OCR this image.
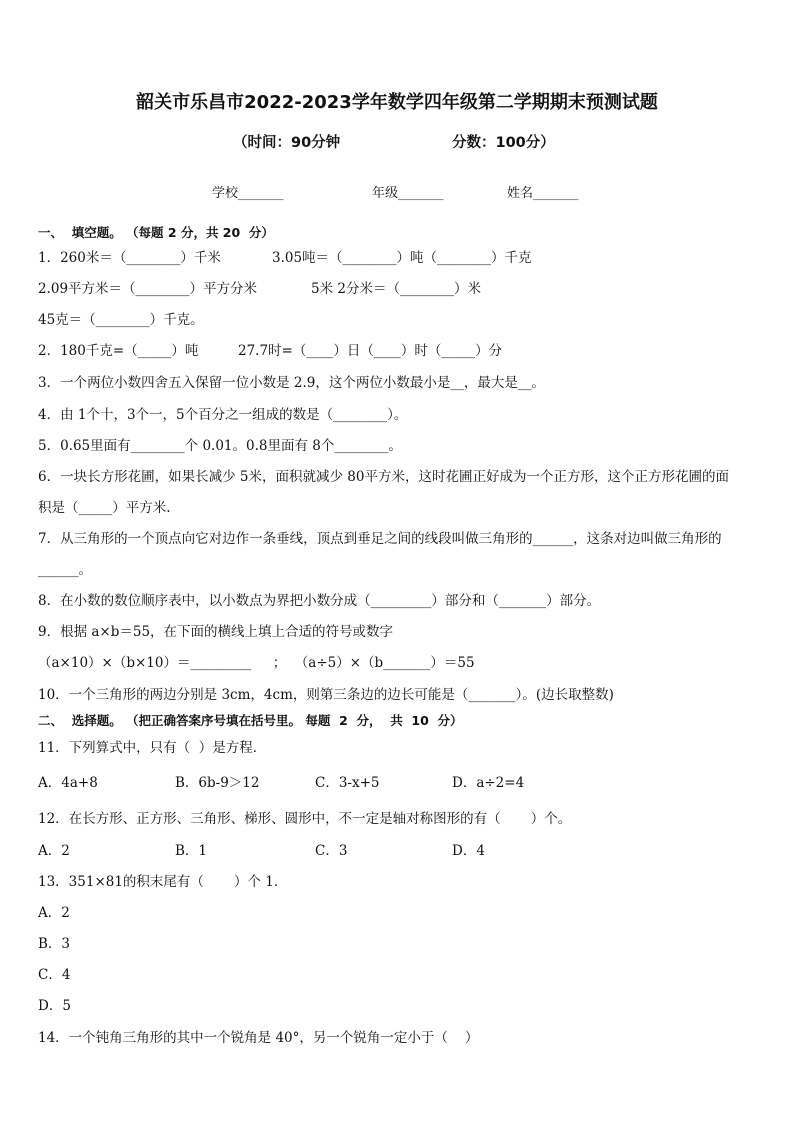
韶关市乐昌市2022-2023学年数学四年级第二学期期末预测试题
（时间：90分钟	分数：100分）
学校_______	年级_______	姓名_______
一、  填空题。 （每题 2 分，共 20  分）
1．260米＝（________）千米	3.05吨＝（________）吨（________）千克
2.09平方米＝（________）平方分米	5米 2分米＝（________）米
45克＝（________）千克。
2．180千克=（_____）吨	27.7时=（____）日（____）时（_____）分
3．一个两位小数四舍五入保留一位小数是 2.9，这个两位小数最小是__，最大是__。
4．由 1个十，3个一，5个百分之一组成的数是（________）。
5．0.65里面有________个 0.01。0.8里面有 8个________。
6．一块长方形花圃，如果长减少 5米，面积就减少 80平方米，这时花圃正好成为一个正方形，这个正方形花圃的面
积是（_____）平方米.
7．从三角形的一个顶点向它对边作一条垂线，顶点到垂足之间的线段叫做三角形的______，这条对边叫做三角形的
______。
8．在小数的数位顺序表中，以小数点为界把小数分成（_________）部分和（_______）部分。
9．根据 a×b＝55，在下面的横线上填上合适的符号或数字
（a×10）×（b×10）＝_________     ；  （a÷5）×（b_______）＝55
10．一个三角形的两边分别是 3cm，4cm，则第三条边的边长可能是（_______）。(边长取整数)
二、  选择题。 （把正确答案序号填在括号里。 每题  2  分，  共  10  分）
11．下列算式中，只有（  ）是方程．
A．4a+8	B．6b-9＞12	C．3-x+5	D．a÷2=4
12．在长方形、正方形、三角形、梯形、圆形中，不一定是轴对称图形的有（       ）个。
A．2	B．1	C．3	D．4
13．351×81的积末尾有（       ）个 1．
A．2
B．3
C．4
D．5
14．一个钝角三角形的其中一个锐角是 40°，另一个锐角一定小于（    ）
